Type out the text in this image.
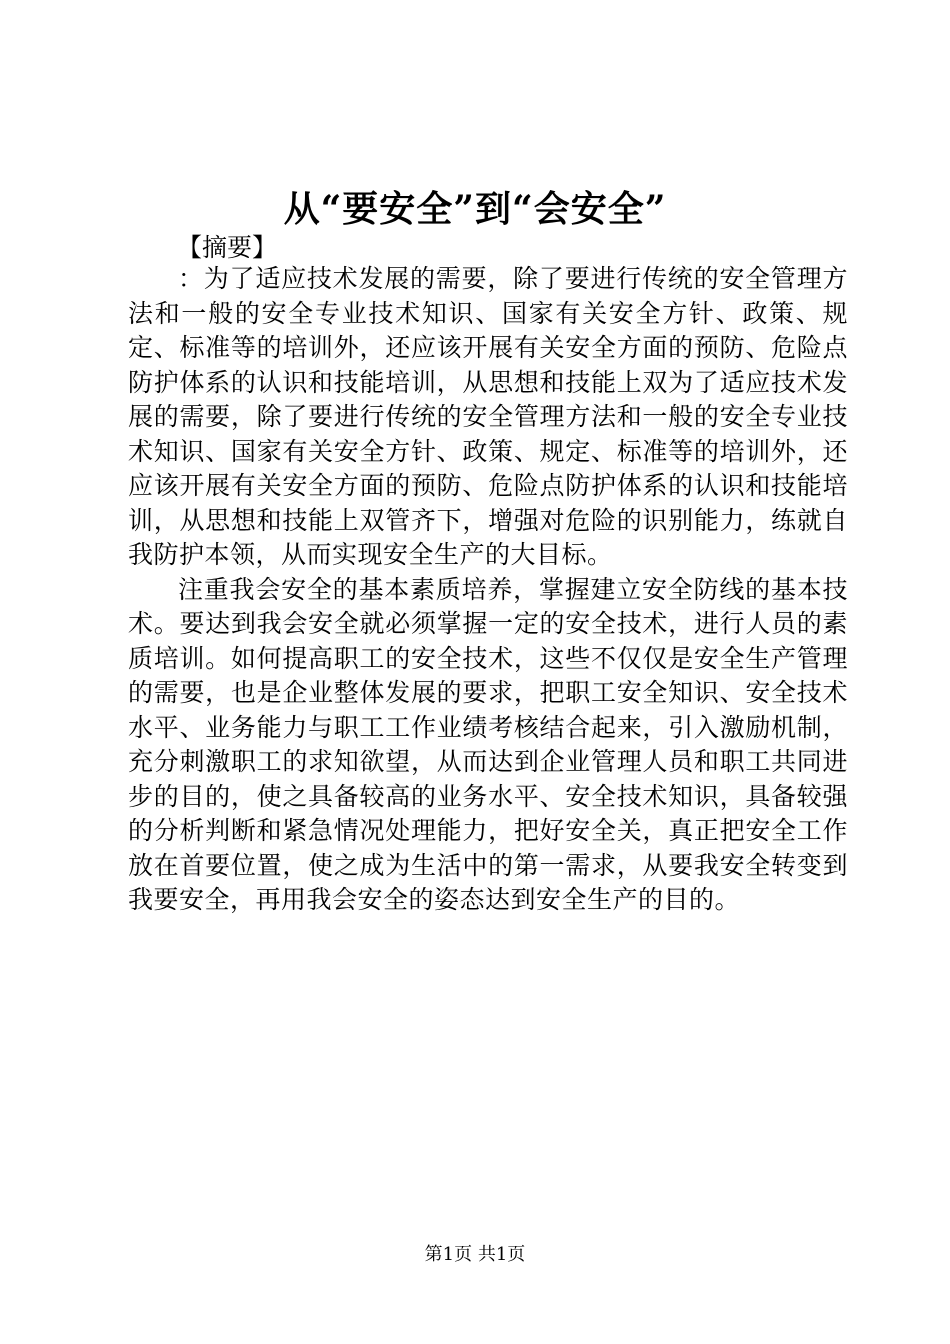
从“要安全”到“会安全”
【摘要】

：为了适应技术发展的需要，除了要进行传统的安全管理方法和一般的安全专业技术知识、国家有关安全方针、政策、规定、标准等的培训外，还应该开展有关安全方面的预防、危险点防护体系的认识和技能培训，从思想和技能上双为了适应技术发展的需要，除了要进行传统的安全管理方法和一般的安全专业技术知识、国家有关安全方针、政策、规定、标准等的培训外，还应该开展有关安全方面的预防、危险点防护体系的认识和技能培训，从思想和技能上双管齐下，增强对危险的识别能力，练就自我防护本领，从而实现安全生产的大目标。

注重我会安全的基本素质培养，掌握建立安全防线的基本技术。要达到我会安全就必须掌握一定的安全技术，进行人员的素质培训。如何提高职工的安全技术，这些不仅仅是安全生产管理的需要，也是企业整体发展的要求，把职工安全知识、安全技术水平、业务能力与职工工作业绩考核结合起来，引入激励机制，充分刺激职工的求知欲望，从而达到企业管理人员和职工共同进步的目的，使之具备较高的业务水平、安全技术知识，具备较强的分析判断和紧急情况处理能力，把好安全关，真正把安全工作放在首要位置，使之成为生活中的第一需求，从要我安全转变到我要安全，再用我会安全的姿态达到安全生产的目的。

第1页 共1页
